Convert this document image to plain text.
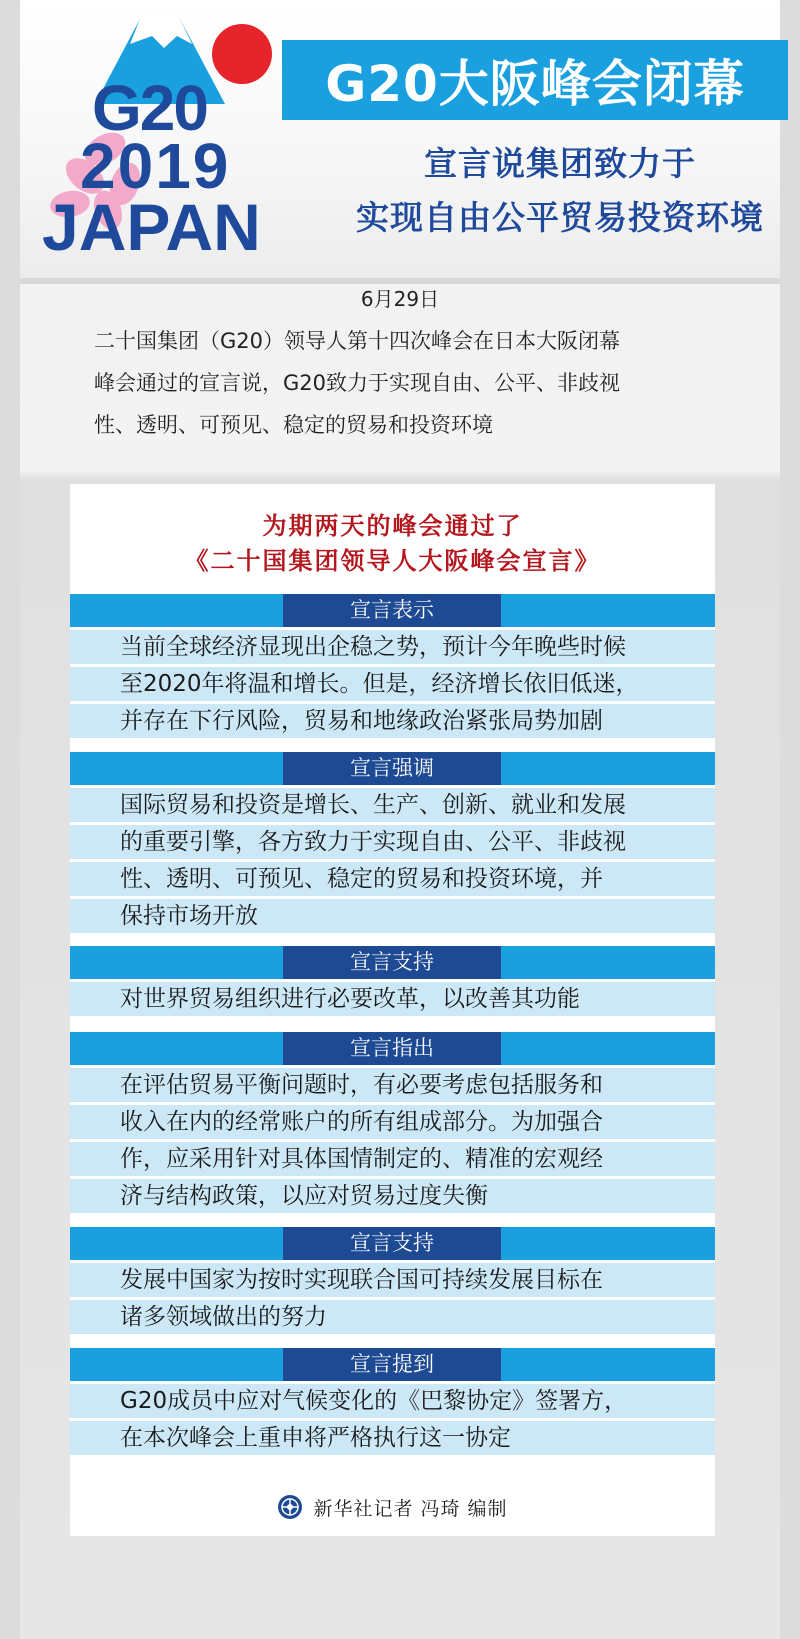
G20
2019
JAPAN
G20大阪峰会闭幕
宣言说集团致力于
实现自由公平贸易投资环境
6月29日
二十国集团（G20）领导人第十四次峰会在日本大阪闭幕
峰会通过的宣言说，G20致力于实现自由、公平、非歧视
性、透明、可预见、稳定的贸易和投资环境
为期两天的峰会通过了
《二十国集团领导人大阪峰会宣言》
宣言表示
当前全球经济显现出企稳之势，预计今年晚些时候
至2020年将温和增长。但是，经济增长依旧低迷，
并存在下行风险，贸易和地缘政治紧张局势加剧
宣言强调
国际贸易和投资是增长、生产、创新、就业和发展
的重要引擎，各方致力于实现自由、公平、非歧视
性、透明、可预见、稳定的贸易和投资环境，并
保持市场开放
宣言支持
对世界贸易组织进行必要改革，以改善其功能
宣言指出
在评估贸易平衡问题时，有必要考虑包括服务和
收入在内的经常账户的所有组成部分。为加强合
作，应采用针对具体国情制定的、精准的宏观经
济与结构政策，以应对贸易过度失衡
宣言支持
发展中国家为按时实现联合国可持续发展目标在
诸多领域做出的努力
宣言提到
G20成员中应对气候变化的《巴黎协定》签署方，
在本次峰会上重申将严格执行这一协定
新华社记者 冯琦 编制
